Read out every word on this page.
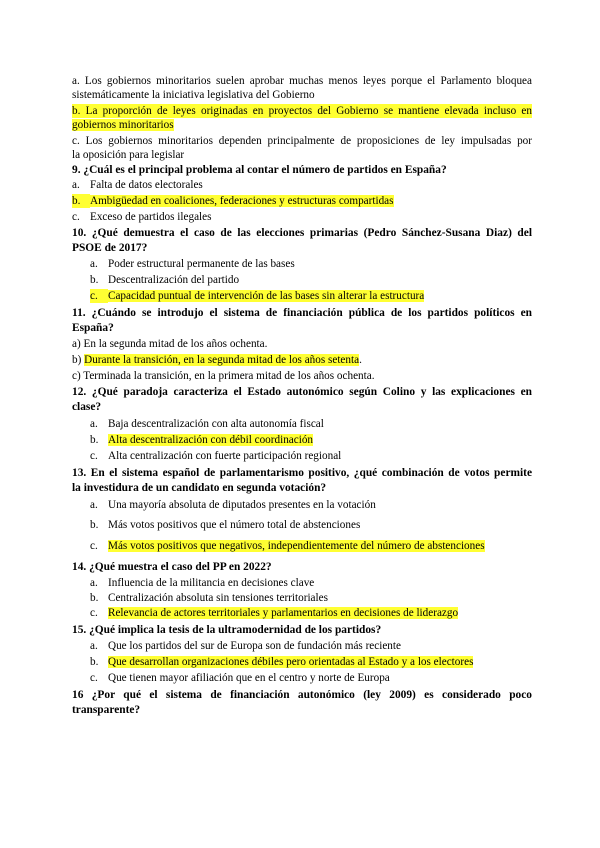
a. Los gobiernos minoritarios suelen aprobar muchas menos leyes porque el Parlamento bloquea
sistemáticamente la iniciativa legislativa del Gobierno
b. La proporción de leyes originadas en proyectos del Gobierno se mantiene elevada incluso en
gobiernos minoritarios
c. Los gobiernos minoritarios dependen principalmente de proposiciones de ley impulsadas por
la oposición para legislar
9. ¿Cuál es el principal problema al contar el número de partidos en España?
a. Falta de datos electorales
b. Ambigüedad en coaliciones, federaciones y estructuras compartidas
c. Exceso de partidos ilegales
10. ¿Qué demuestra el caso de las elecciones primarias (Pedro Sánchez-Susana Diaz) del
PSOE de 2017?
a. Poder estructural permanente de las bases
b. Descentralización del partido
c. Capacidad puntual de intervención de las bases sin alterar la estructura
11. ¿Cuándo se introdujo el sistema de financiación pública de los partidos políticos en
España?
a) En la segunda mitad de los años ochenta.
b) Durante la transición, en la segunda mitad de los años setenta.
c) Terminada la transición, en la primera mitad de los años ochenta.
12. ¿Qué paradoja caracteriza el Estado autonómico según Colino y las explicaciones en
clase?
a. Baja descentralización con alta autonomía fiscal
b. Alta descentralización con débil coordinación
c. Alta centralización con fuerte participación regional
13. En el sistema español de parlamentarismo positivo, ¿qué combinación de votos permite
la investidura de un candidato en segunda votación?
a. Una mayoría absoluta de diputados presentes en la votación
b. Más votos positivos que el número total de abstenciones
c. Más votos positivos que negativos, independientemente del número de abstenciones
14. ¿Qué muestra el caso del PP en 2022?
a. Influencia de la militancia en decisiones clave
b. Centralización absoluta sin tensiones territoriales
c. Relevancia de actores territoriales y parlamentarios en decisiones de liderazgo
15. ¿Qué implica la tesis de la ultramodernidad de los partidos?
a. Que los partidos del sur de Europa son de fundación más reciente
b. Que desarrollan organizaciones débiles pero orientadas al Estado y a los electores
c. Que tienen mayor afiliación que en el centro y norte de Europa
16 ¿Por qué el sistema de financiación autonómico (ley 2009) es considerado poco
transparente?
